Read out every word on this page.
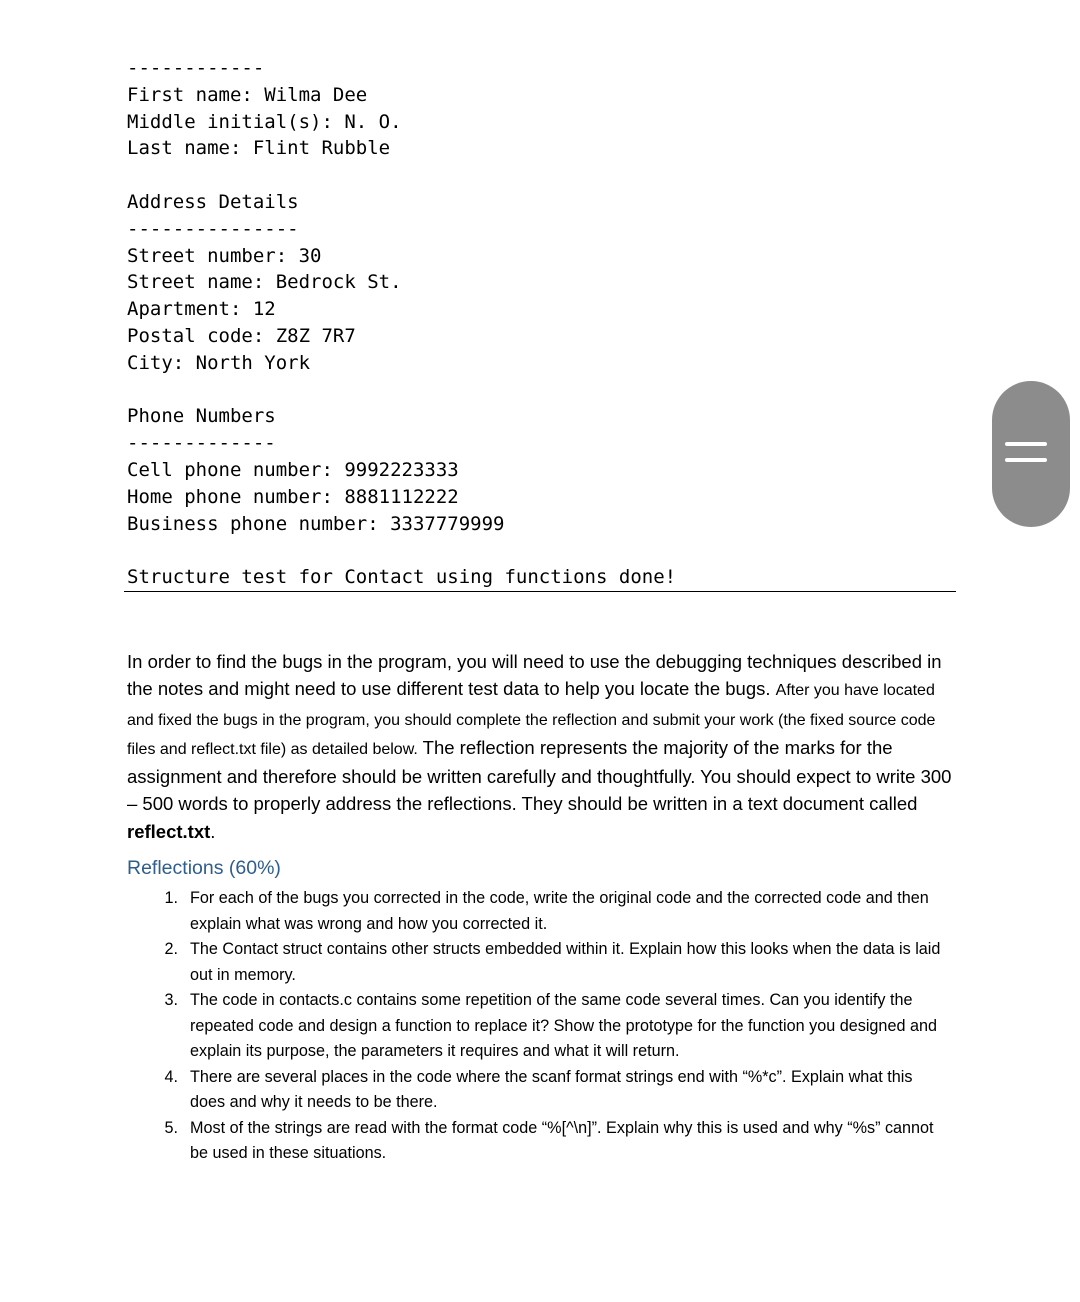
------------
First name: Wilma Dee
Middle initial(s): N. O.
Last name: Flint Rubble
Address Details
---------------
Street number: 30
Street name: Bedrock St.
Apartment: 12
Postal code: Z8Z 7R7
City: North York
Phone Numbers
-------------
Cell phone number: 9992223333
Home phone number: 8881112222
Business phone number: 3337779999
Structure test for Contact using functions done!
In order to find the bugs in the program, you will need to use the debugging techniques described in the notes and might need to use different test data to help you locate the bugs. After you have located and fixed the bugs in the program, you should complete the reflection and submit your work (the fixed source code files and reflect.txt file) as detailed below. The reflection represents the majority of the marks for the assignment and therefore should be written carefully and thoughtfully. You should expect to write 300 – 500 words to properly address the reflections. They should be written in a text document called reflect.txt.
Reflections (60%)
1. For each of the bugs you corrected in the code, write the original code and the corrected code and then explain what was wrong and how you corrected it.
2. The Contact struct contains other structs embedded within it. Explain how this looks when the data is laid out in memory.
3. The code in contacts.c contains some repetition of the same code several times. Can you identify the repeated code and design a function to replace it? Show the prototype for the function you designed and explain its purpose, the parameters it requires and what it will return.
4. There are several places in the code where the scanf format strings end with “%*c”. Explain what this does and why it needs to be there.
5. Most of the strings are read with the format code “%[^\n]”. Explain why this is used and why “%s” cannot be used in these situations.
